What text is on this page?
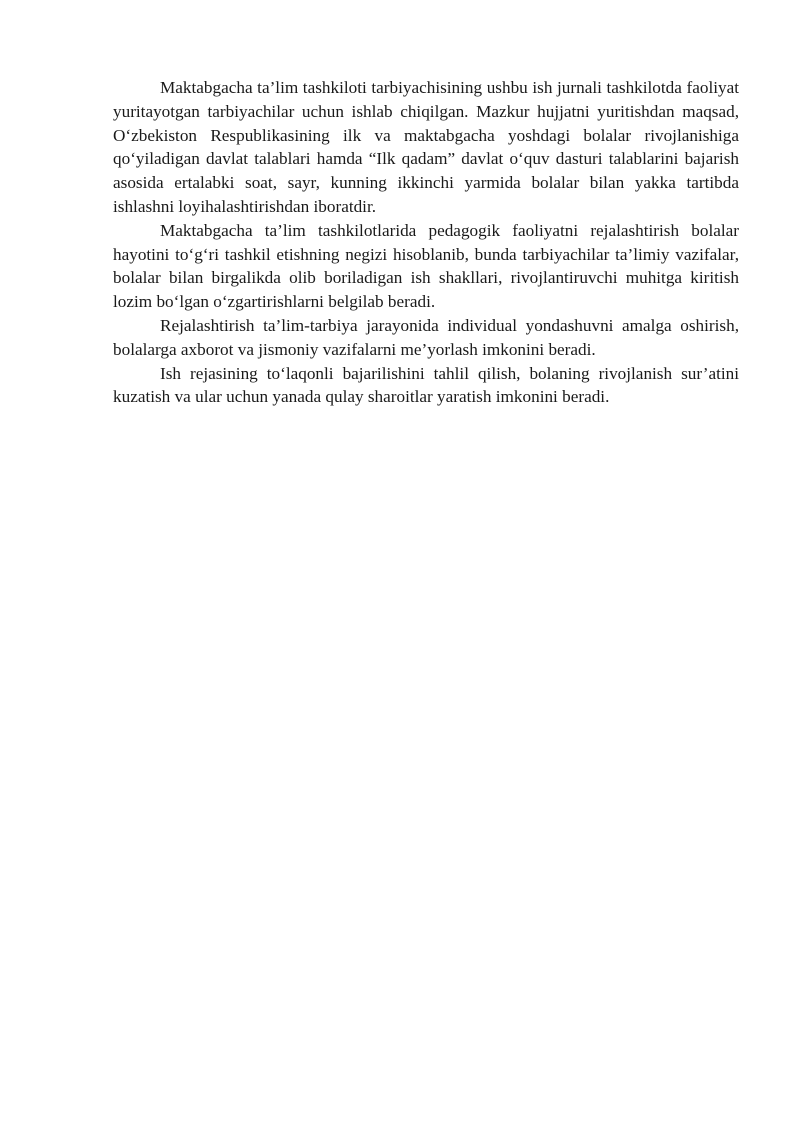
Maktabgacha ta’lim tashkiloti tarbiyachisining ushbu ish jurnali tashkilotda faoliyat yuritayotgan tarbiyachilar uchun ishlab chiqilgan. Mazkur hujjatni yuritishdan maqsad, O‘zbekiston Respublikasining ilk va maktabgacha yoshdagi bolalar rivojlanishiga qo‘yiladigan davlat talablari hamda “Ilk qadam” davlat o‘quv dasturi talablarini bajarish asosida ertalabki soat, sayr, kunning ikkinchi yarmida bolalar bilan yakka tartibda ishlashni loyihalashtirishdan iboratdir.

Maktabgacha ta’lim tashkilotlarida pedagogik faoliyatni rejalashtirish bolalar hayotini to‘g‘ri tashkil etishning negizi hisoblanib, bunda tarbiyachilar ta’limiy vazifalar, bolalar bilan birgalikda olib boriladigan ish shakllari, rivojlantiruvchi muhitga kiritish lozim bo‘lgan o‘zgartirishlarni belgilab beradi.

Rejalashtirish ta’lim-tarbiya jarayonida individual yondashuvni amalga oshirish, bolalarga axborot va jismoniy vazifalarni me’yorlash imkonini beradi.

Ish rejasining to‘laqonli bajarilishini tahlil qilish, bolaning rivojlanish sur’atini kuzatish va ular uchun yanada qulay sharoitlar yaratish imkonini beradi.
